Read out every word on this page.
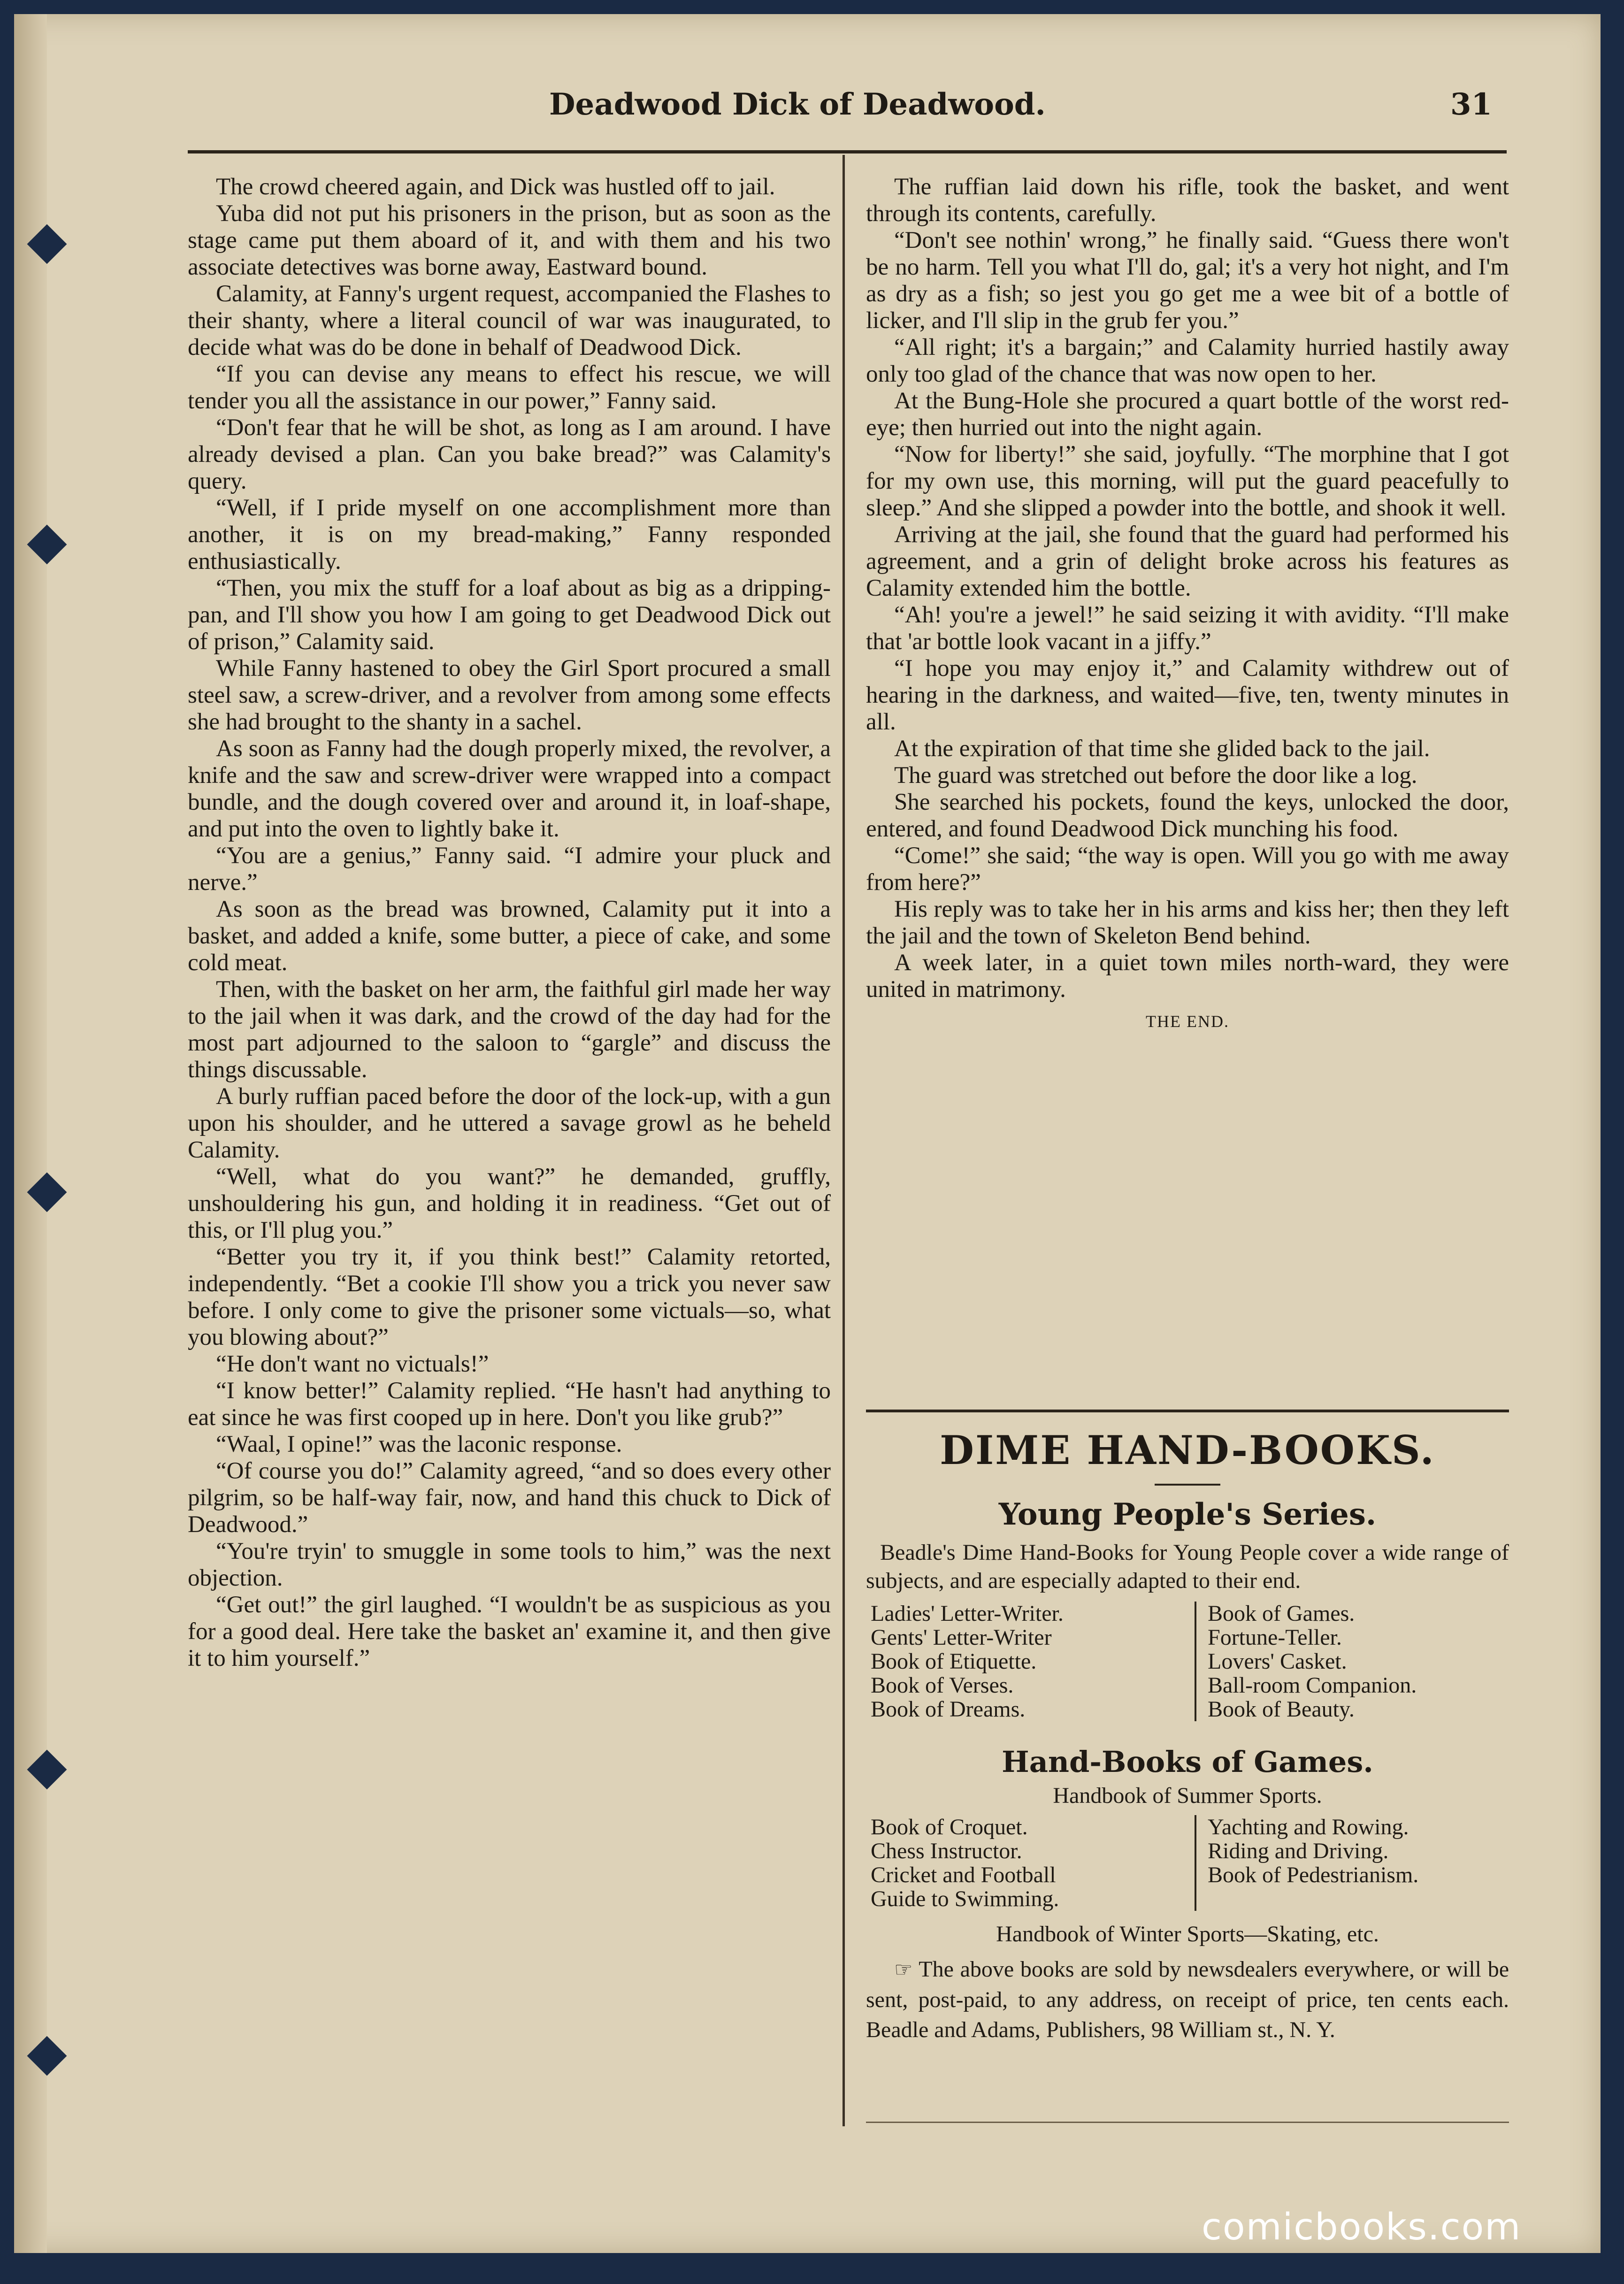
Deadwood Dick of Deadwood.	31

The crowd cheered again, and Dick was hustled off to jail.

Yuba did not put his prisoners in the prison, but as soon as the stage came put them aboard of it, and with them and his two associate detectives was borne away, Eastward bound.

Calamity, at Fanny's urgent request, accompanied the Flashes to their shanty, where a literal council of war was inaugurated, to decide what was do be done in behalf of Deadwood Dick.

“If you can devise any means to effect his rescue, we will tender you all the assistance in our power,” Fanny said.

“Don't fear that he will be shot, as long as I am around. I have already devised a plan. Can you bake bread?” was Calamity's query.

“Well, if I pride myself on one accomplishment more than another, it is on my bread-making,” Fanny responded enthusiastically.

“Then, you mix the stuff for a loaf about as big as a dripping-pan, and I'll show you how I am going to get Deadwood Dick out of prison,” Calamity said.

While Fanny hastened to obey the Girl Sport procured a small steel saw, a screw-driver, and a revolver from among some effects she had brought to the shanty in a sachel.

As soon as Fanny had the dough properly mixed, the revolver, a knife and the saw and screw-driver were wrapped into a compact bundle, and the dough covered over and around it, in loaf-shape, and put into the oven to lightly bake it.

“You are a genius,” Fanny said. “I admire your pluck and nerve.”

As soon as the bread was browned, Calamity put it into a basket, and added a knife, some butter, a piece of cake, and some cold meat.

Then, with the basket on her arm, the faithful girl made her way to the jail when it was dark, and the crowd of the day had for the most part adjourned to the saloon to “gargle” and discuss the things discussable.

A burly ruffian paced before the door of the lock-up, with a gun upon his shoulder, and he uttered a savage growl as he beheld Calamity.

“Well, what do you want?” he demanded, gruffly, unshouldering his gun, and holding it in readiness. “Get out of this, or I'll plug you.”

“Better you try it, if you think best!” Calamity retorted, independently. “Bet a cookie I'll show you a trick you never saw before. I only come to give the prisoner some victuals—so, what you blowing about?”

“He don't want no victuals!”

“I know better!” Calamity replied. “He hasn't had anything to eat since he was first cooped up in here. Don't you like grub?”

“Waal, I opine!” was the laconic response.

“Of course you do!” Calamity agreed, “and so does every other pilgrim, so be half-way fair, now, and hand this chuck to Dick of Deadwood.”

“You're tryin' to smuggle in some tools to him,” was the next objection.

“Get out!” the girl laughed. “I wouldn't be as suspicious as you for a good deal. Here take the basket an' examine it, and then give it to him yourself.”

The ruffian laid down his rifle, took the basket, and went through its contents, carefully.

“Don't see nothin' wrong,” he finally said. “Guess there won't be no harm. Tell you what I'll do, gal; it's a very hot night, and I'm as dry as a fish; so jest you go get me a wee bit of a bottle of licker, and I'll slip in the grub fer you.”

“All right; it's a bargain;” and Calamity hurried hastily away only too glad of the chance that was now open to her.

At the Bung-Hole she procured a quart bottle of the worst red-eye; then hurried out into the night again.

“Now for liberty!” she said, joyfully. “The morphine that I got for my own use, this morning, will put the guard peacefully to sleep.” And she slipped a powder into the bottle, and shook it well.

Arriving at the jail, she found that the guard had performed his agreement, and a grin of delight broke across his features as Calamity extended him the bottle.

“Ah! you're a jewel!” he said seizing it with avidity. “I'll make that 'ar bottle look vacant in a jiffy.”

“I hope you may enjoy it,” and Calamity withdrew out of hearing in the darkness, and waited—five, ten, twenty minutes in all.

At the expiration of that time she glided back to the jail.

The guard was stretched out before the door like a log.

She searched his pockets, found the keys, unlocked the door, entered, and found Deadwood Dick munching his food.

“Come!” she said; “the way is open. Will you go with me away from here?”

His reply was to take her in his arms and kiss her; then they left the jail and the town of Skeleton Bend behind.

A week later, in a quiet town miles north-ward, they were united in matrimony.

THE END.
DIME HAND-BOOKS.
Young People's Series.
Beadle's Dime Hand-Books for Young People cover a wide range of subjects, and are especially adapted to their end.
Ladies' Letter-Writer.
Gents' Letter-Writer
Book of Etiquette.
Book of Verses.
Book of Dreams.
Book of Games.
Fortune-Teller.
Lovers' Casket.
Ball-room Companion.
Book of Beauty.
Hand-Books of Games.
Handbook of Summer Sports.
Book of Croquet.
Chess Instructor.
Cricket and Football
Guide to Swimming.
Yachting and Rowing.
Riding and Driving.
Book of Pedestrianism.
Handbook of Winter Sports—Skating, etc.
☞ The above books are sold by newsdealers everywhere, or will be sent, post-paid, to any address, on receipt of price, ten cents each. Beadle and Adams, Publishers, 98 William st., N. Y.
comicbooks.com
